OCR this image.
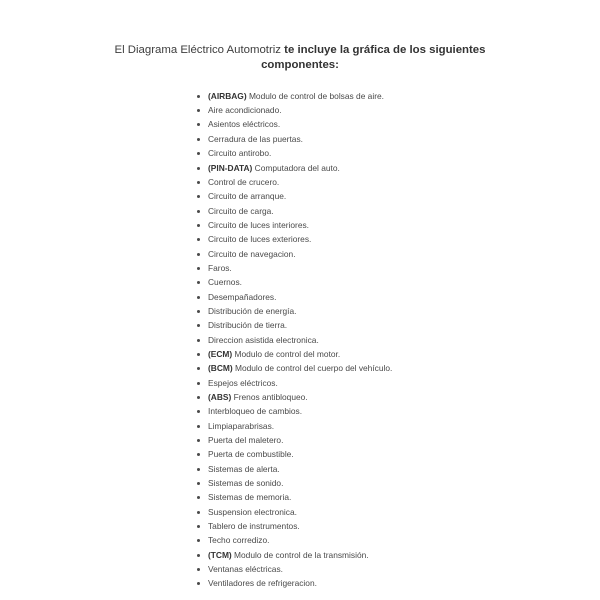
El Diagrama Eléctrico Automotriz te incluye la gráfica de los siguientes
componentes:
(AIRBAG) Modulo de control de bolsas de aire.
Aire acondicionado.
Asientos eléctricos.
Cerradura de las puertas.
Circuito antirobo.
(PIN-DATA) Computadora del auto.
Control de crucero.
Circuito de arranque.
Circuito de carga.
Circuito de luces interiores.
Circuito de luces exteriores.
Circuito de navegacion.
Faros.
Cuernos.
Desempañadores.
Distribución de energía.
Distribución de tierra.
Direccion asistida electronica.
(ECM) Modulo de control del motor.
(BCM) Modulo de control del cuerpo del vehículo.
Espejos eléctricos.
(ABS) Frenos antibloqueo.
Interbloqueo de cambios.
Limpiaparabrisas.
Puerta del maletero.
Puerta de combustible.
Sistemas de alerta.
Sistemas de sonido.
Sistemas de memoria.
Suspension electronica.
Tablero de instrumentos.
Techo corredizo.
(TCM) Modulo de control de la transmisión.
Ventanas eléctricas.
Ventiladores de refrigeracion.
